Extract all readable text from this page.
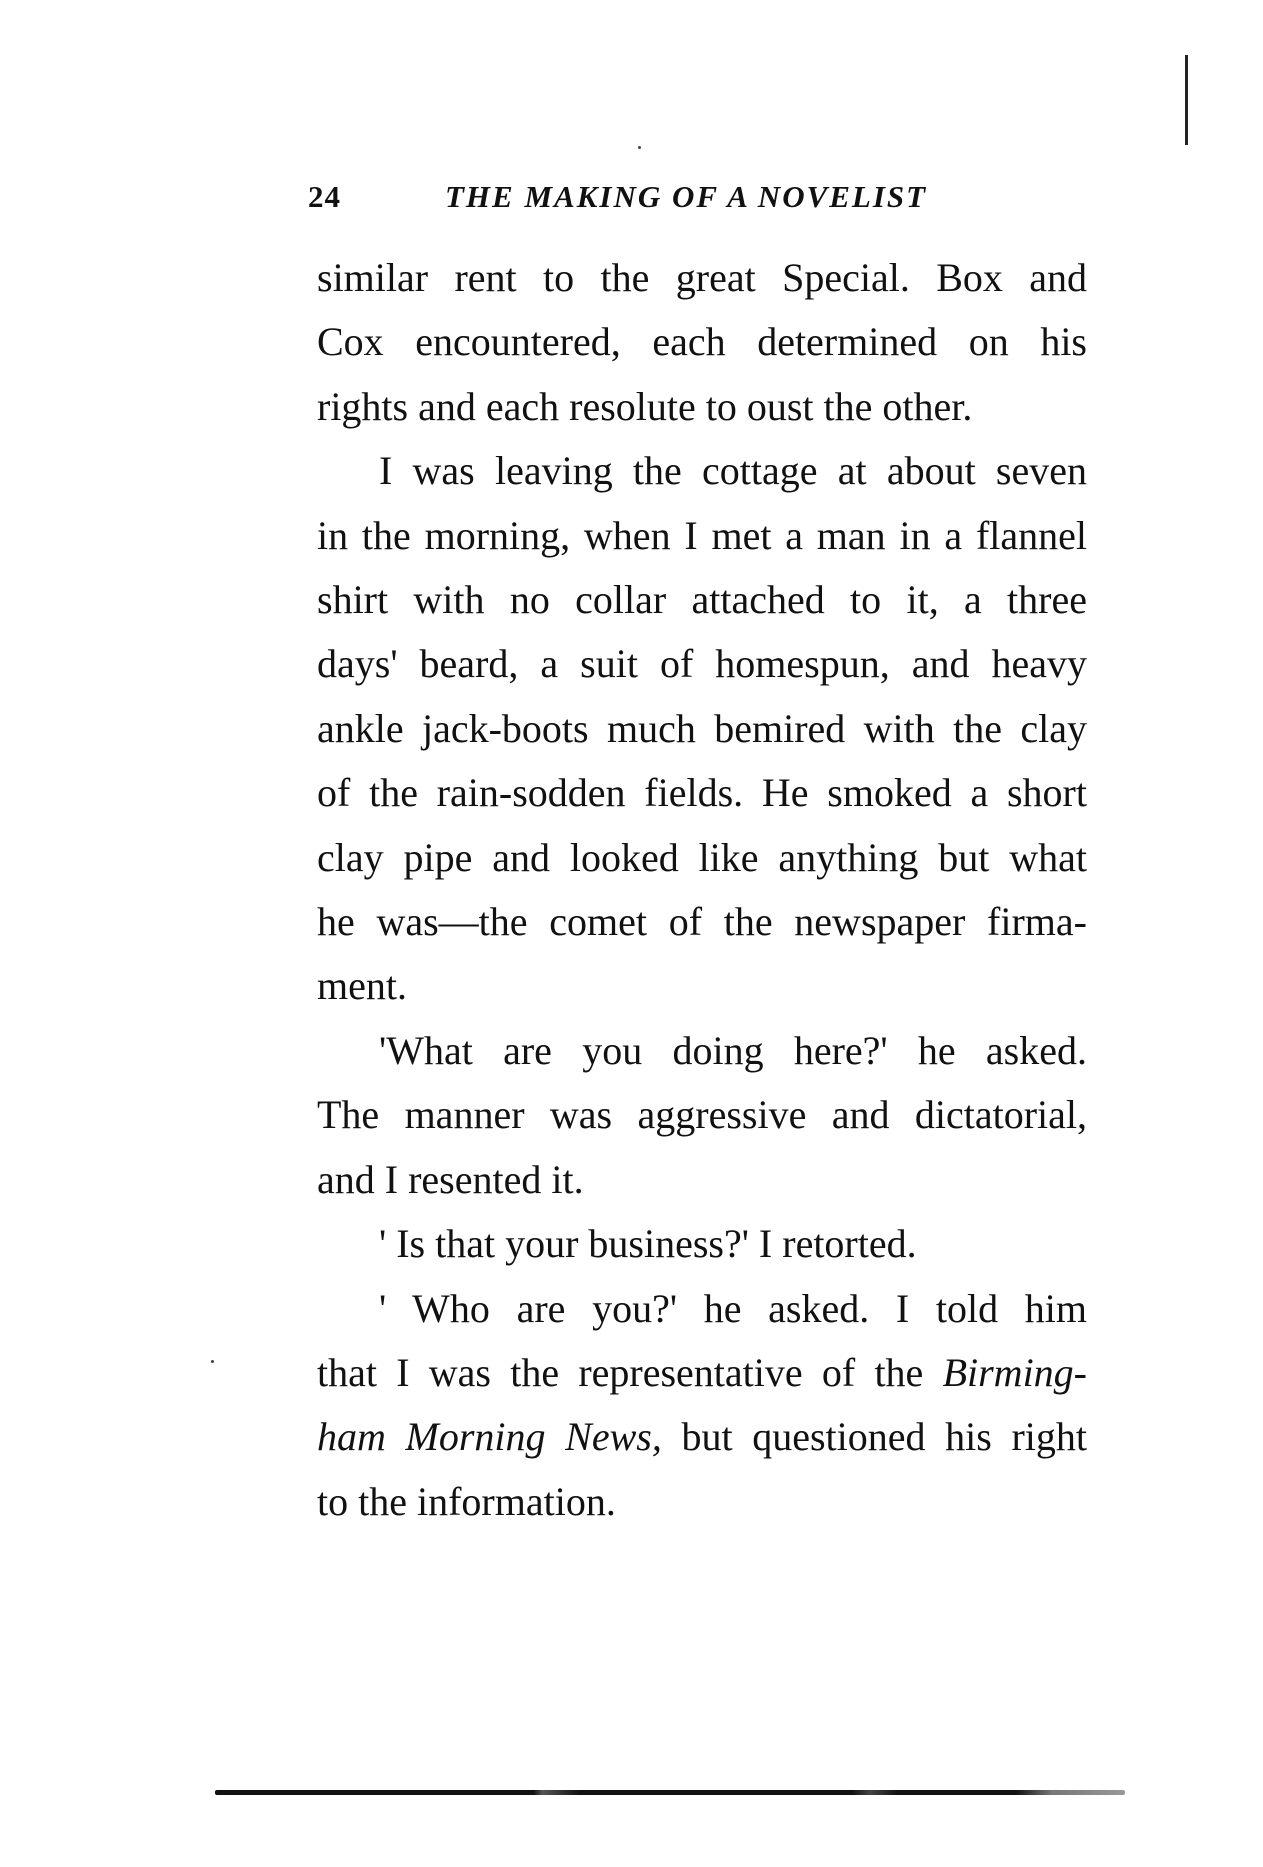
24	THE MAKING OF A NOVELIST

similar rent to the great Special. Box and
Cox encountered, each determined on his
rights and each resolute to oust the other.

I was leaving the cottage at about seven
in the morning, when I met a man in a flannel
shirt with no collar attached to it, a three
days' beard, a suit of homespun, and heavy
ankle jack-boots much bemired with the clay
of the rain-sodden fields. He smoked a short
clay pipe and looked like anything but what
he was—the comet of the newspaper firma-
ment.

'What are you doing here?' he asked.
The manner was aggressive and dictatorial,
and I resented it.

' Is that your business?' I retorted.

' Who are you?' he asked. I told him
that I was the representative of the Birming-
ham Morning News, but questioned his right
to the information.
